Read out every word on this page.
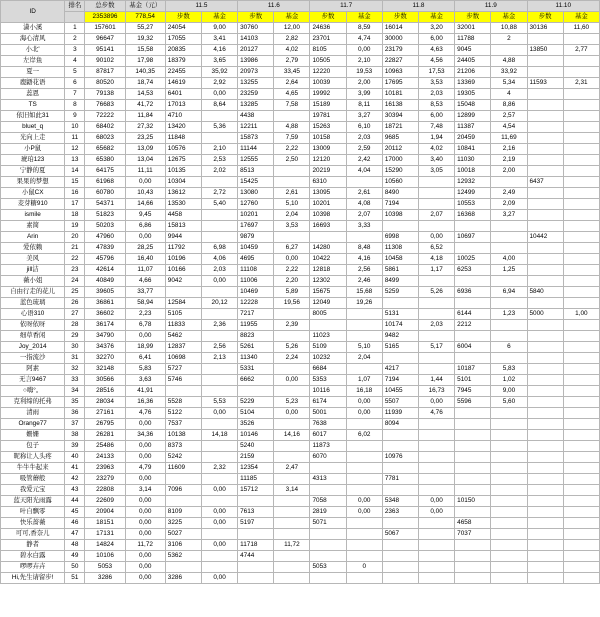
ID	排名	总步数	基金（元）	11.5		11.6		11.7		11.8		11.9		11.10	
		2353896	778,54	步数	基金	步数	基金	步数	基金	步数	基金	步数	基金	步数	基金
潇小溪	1	157601	55,27	24054	9,00	30760	12,00	24636	8,59	16014	3,20	32001	10,88	30136	11,60
海心清风	2	96647	19,32	17055	3,41	14103	2,82	23701	4,74	30000	6,00	11788	2		
小北'	3	95141	15,58	20835	4,16	20127	4,02	8105	0,00	23179	4,63	9045		13850	2,77
左岸鱼	4	90102	17,98	18379	3,65	13986	2,79	10505	2,10	22827	4,56	24405	4,88		
夏一	5	87817	140,35	22455	35,92	20973	33,45	12220	19,53	10963	17,53	21206	33,92		
鹿鼯花语	6	80520	18,74	14619	2,92	13255	2,64	10039	2,00	17695	3,53	13369	5,34	11593	2,31
蕊恩	7	79138	14,53	6401	0,00	23259	4,65	19992	3,99	10181	2,03	19305	4		
TS	8	76683	41,72	17013	8,64	13285	7,58	15189	8,11	16138	8,53	15048	8,86		
依旧如此31	9	72222	11,84	4710		4438		19781	3,27	30394	6,00	12899	2,57		
bluet_q	10	68402	27,32	13420	5,36	12211	4,88	15263	6,10	18721	7,48	11387	4,54		
光向上走	11	68023	23,25	11848		15873	7,59	10158	2,03	9685	1,94	20459	11,69		
小P鼠	12	65682	13,09	10576	2,10	11144	2,22	13009	2,59	20112	4,02	10841	2,16		
琥珀123	13	65380	13,04	12675	2,53	12555	2,50	12120	2,42	17000	3,40	11030	2,19		
宁静的夏	14	64175	11,11	10135	2,02	8513		20219	4,04	15290	3,05	10018	2,00		
果果的梦想	15	61968	0,00	10304		15425		6310		10560		12932		6437	
小鼠CX	16	60780	10,43	13612	2,72	13080	2,61	13095	2,61	8490		12499	2,49		
麦芽糖910	17	54371	14,66	13530	5,40	12760	5,10	10201	4,08	7194		10553	2,09		
ismile	18	51823	9,45	4458		10201	2,04	10398	2,07	10398	2,07	16368	3,27		
素简	19	50203	6,86	15813		17697	3,53	16693	3,33						
Arin	20	47960	0,00	9944		9879				6998	0,00	10697		10442	
爱依赖	21	47839	28,25	11792	6,98	10459	6,27	14280	8,48	11308	6,52				
美风	22	45796	16,40	10196	4,06	4695	0,00	10422	4,16	10458	4,18	10025	4,00		
jill洁	23	42614	11,07	10166	2,03	11108	2,22	12818	2,56	5861	1,17	6253	1,25		
薇小姐	24	40849	4,66	9042	0,00	11006	2,20	12302	2,46	8499					
自由行走的花儿	25	39605	33,77			10469	5,89	15675	15,68	5259	5,26	6936	6,94	5840	
蓝色琉璃	26	36861	58,94	12584	20,12	12228	19,56	12049	19,26						
心语310	27	36602	2,23	5105		7217		8005		5131		6144	1,23	5000	1,00
依呀依呀	28	36174	6,78	11833	2,36	11955	2,39			10174	2,03	2212			
细草香闲	29	34790	0,00	5462		8823		11023		9482					
Joy_2014	30	34376	18,99	12837	2,56	5261	5,26	5109	5,10	5165	5,17	6004	6		
一指流沙	31	32270	6,41	10698	2,13	11340	2,24	10232	2,04						
阿素	32	32148	5,83	5727		5331		6684		4217		10187	5,83		
无言9467	33	30566	3,63	5746		6662	0,00	5353	1,07	7194	1,44	5101	1,02		
○嗨°。	34	28516	41,91					10116	16,18	10455	16,73	7945	9,00		
克利缔的托弗	35	28034	16,36	5528	5,53	5229	5,23	6174	0,00	5507	0,00	5596	5,60		
清雨	36	27161	4,76	5122	0,00	5104	0,00	5001	0,00	11939	4,76				
Orange77	37	26795	0,00	7537		3526		7638		8094					
姗姗	38	26281	34,36	10138	14,18	10146	14,16	6017	6,02						
包子	39	25486	0,00	8373		5240		11873							
昵称让人头疼	40	24133	0,00	5242		2159		6070		10976					
牛牛牛起来	41	23963	4,79	11609	2,32	12354	2,47								
吸管蘑般	42	23279	0,00			11185		4313		7781					
我爱元宝	43	22808	3,14	7096	0,00	15712	3,14								
蓝天阳光雨露	44	22609	0,00					7058	0,00	5348	0,00	10150			
叶自飘零	45	20904	0,00	8109	0,00	7613		2819	0,00	2363	0,00				
快乐蔷薇	46	18151	0,00	3225	0,00	5197		5071				4658			
可可,香奈儿	47	17131	0,00	5027						5067		7037			
静者	48	14824	11,72	3106	0,00	11718	11,72								
碧水白露	49	10106	0,00	5362		4744									
啰啰卉卉	50	5053	0,00					5053	0						
Hi,先生请留步!	51	3286	0,00	3286	0,00										
